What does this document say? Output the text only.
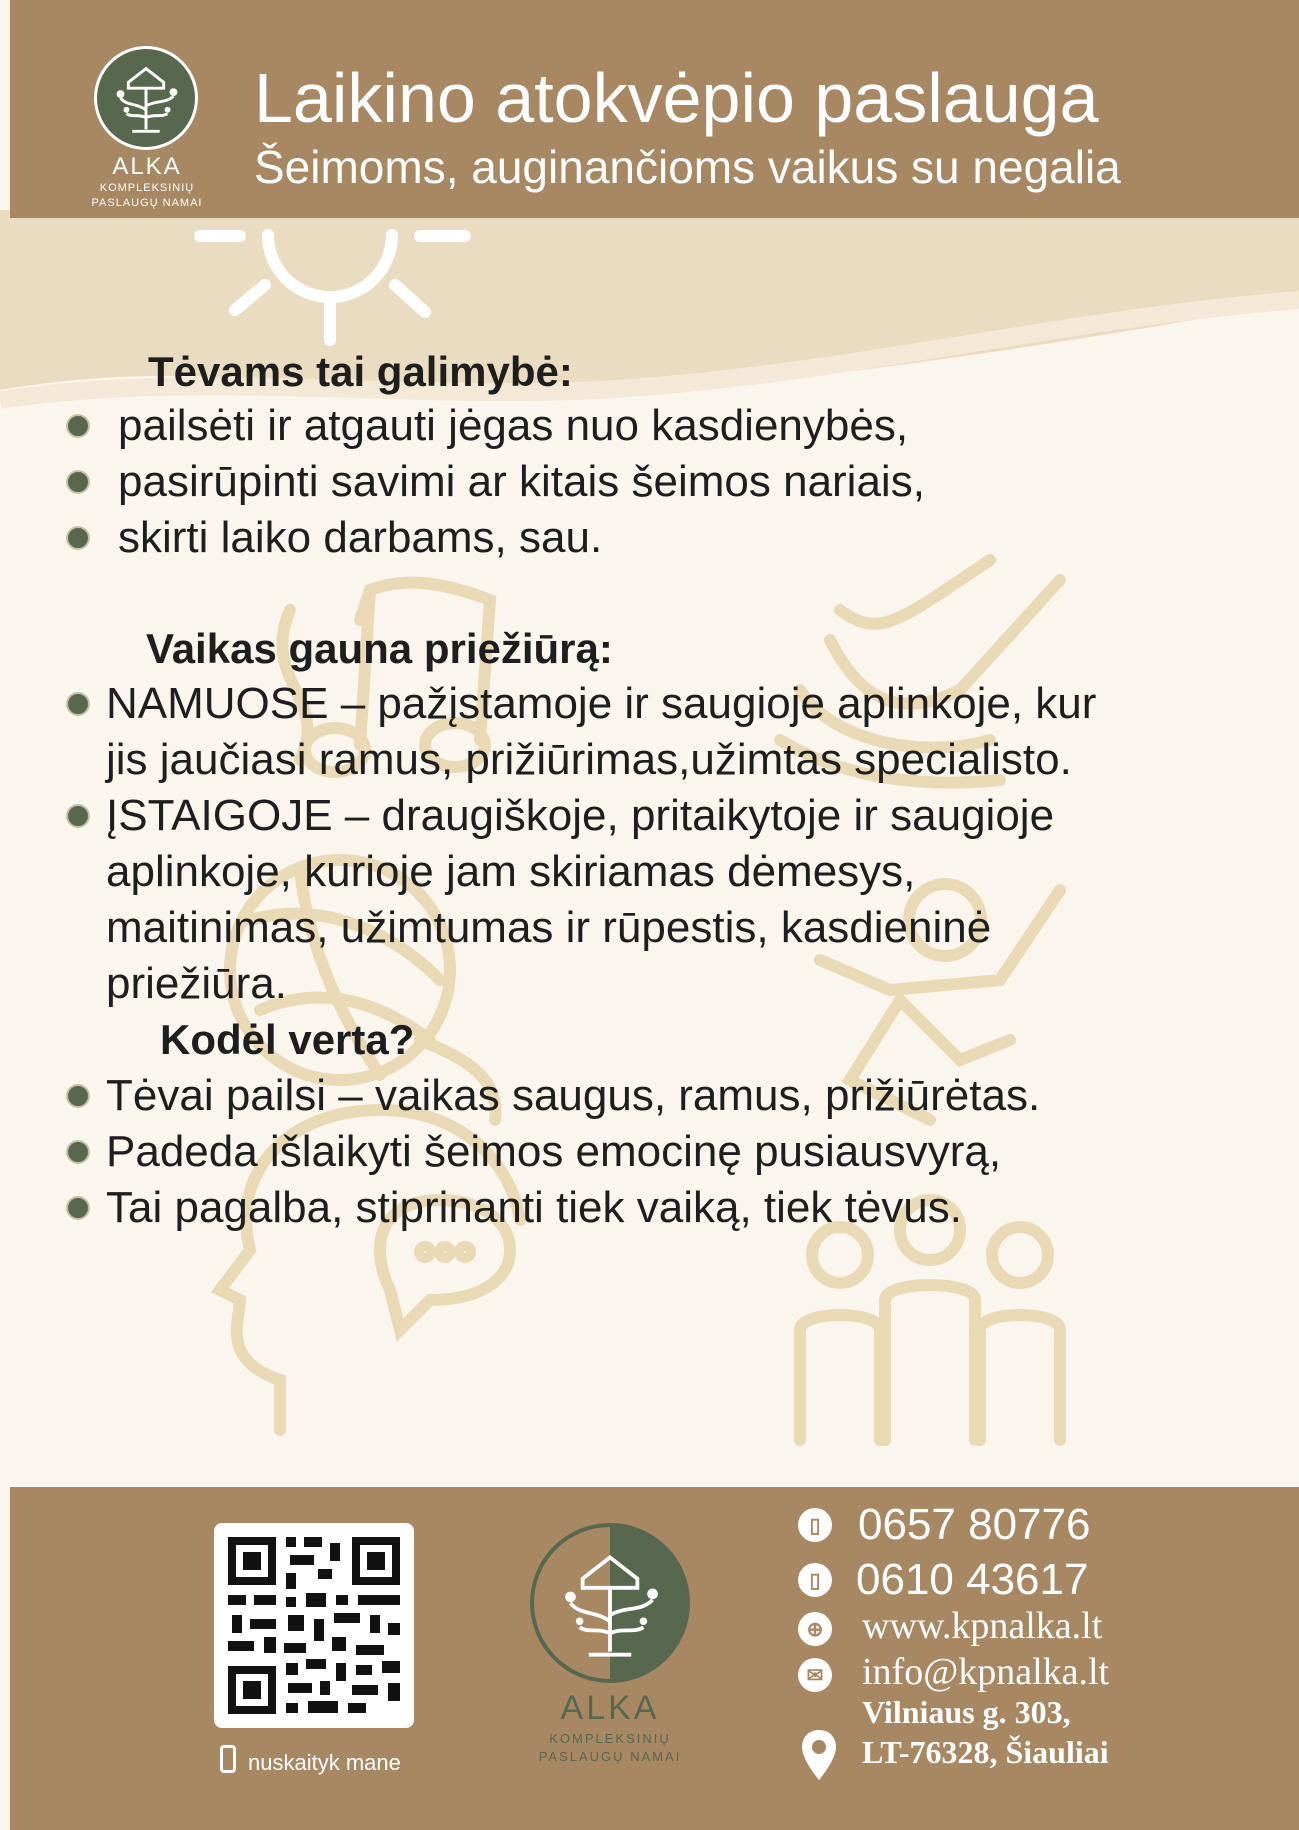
ALKA
KOMPLEKSINIŲ
PASLAUGŲ NAMAI
Laikino atokvėpio paslauga
Šeimoms, auginančioms vaikus su negalia
Tėvams tai galimybė:
pailsėti ir atgauti jėgas nuo kasdienybės,
pasirūpinti savimi ar kitais šeimos nariais,
skirti laiko darbams, sau.
Vaikas gauna priežiūrą:
NAMUOSE – pažįstamoje ir saugioje aplinkoje, kur
jis jaučiasi ramus, prižiūrimas,užimtas specialisto.
ĮSTAIGOJE – draugiškoje, pritaikytoje ir saugioje
aplinkoje, kurioje jam skiriamas dėmesys,
maitinimas, užimtumas ir rūpestis, kasdieninė
priežiūra.
Kodėl verta?
Tėvai pailsi – vaikas saugus, ramus, prižiūrėtas.
Padeda išlaikyti šeimos emocinę pusiausvyrą,
Tai pagalba, stiprinanti tiek vaiką, tiek tėvus.
nuskaityk mane
ALKA
KOMPLEKSINIŲ
PASLAUGŲ NAMAI
▯ 0657 80776
▯ 0610 43617
⊕ www.kpnalka.lt
✉ info@kpnalka.lt
Vilniaus g. 303,
LT-76328, Šiauliai
